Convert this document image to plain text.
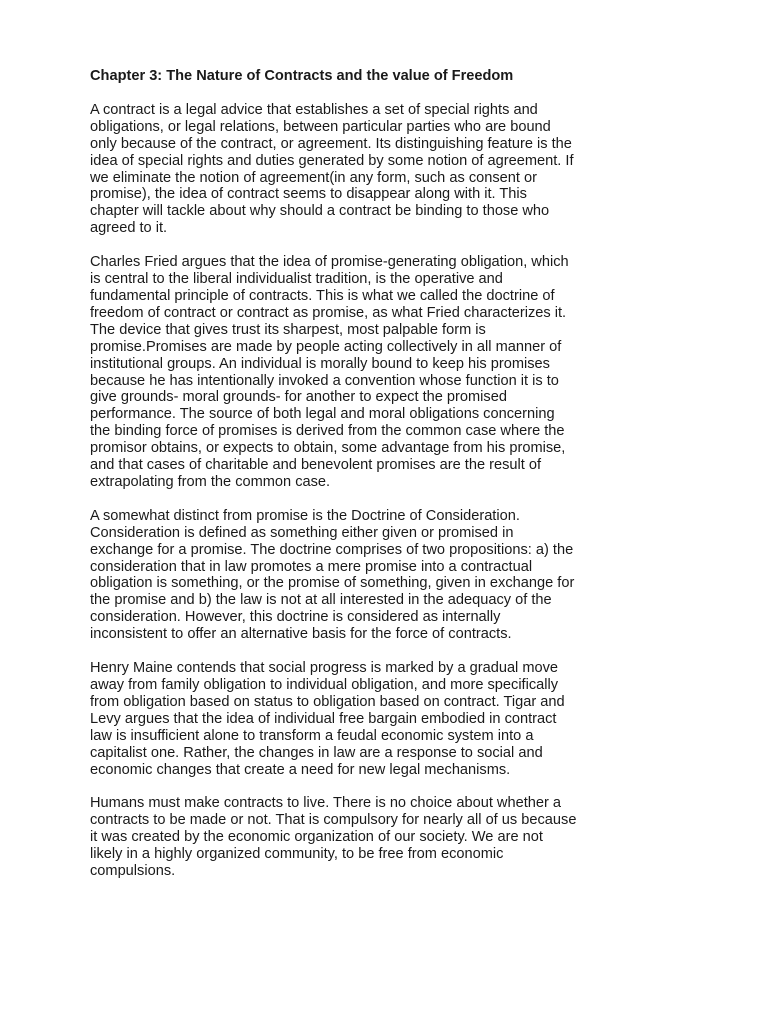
Chapter 3: The Nature of Contracts and the value of Freedom
A contract is a legal advice that establishes a set of special rights and
obligations, or legal relations, between particular parties who are bound
only because of the contract, or agreement. Its distinguishing feature is the
idea of special rights and duties generated by some notion of agreement. If
we eliminate the notion of agreement(in any form, such as consent or
promise), the idea of contract seems to disappear along with it. This
chapter will tackle about why should a contract be binding to those who
agreed to it.
Charles Fried argues that the idea of promise-generating obligation, which
is central to the liberal individualist tradition, is the operative and
fundamental principle of contracts. This is what we called the doctrine of
freedom of contract or contract as promise, as what Fried characterizes it.
The device that gives trust its sharpest, most palpable form is
promise.Promises are made by people acting collectively in all manner of
institutional groups. An individual is morally bound to keep his promises
because he has intentionally invoked a convention whose function it is to
give grounds- moral grounds- for another to expect the promised
performance. The source of both legal and moral obligations concerning
the binding force of promises is derived from the common case where the
promisor obtains, or expects to obtain, some advantage from his promise,
and that cases of charitable and benevolent promises are the result of
extrapolating from the common case.
A somewhat distinct from promise is the Doctrine of Consideration.
Consideration is defined as something either given or promised in
exchange for a promise. The doctrine comprises of two propositions: a) the
consideration that in law promotes a mere promise into a contractual
obligation is something, or the promise of something, given in exchange for
the promise and b) the law is not at all interested in the adequacy of the
consideration. However, this doctrine is considered as internally
inconsistent to offer an alternative basis for the force of contracts.
Henry Maine contends that social progress is marked by a gradual move
away from family obligation to individual obligation, and more specifically
from obligation based on status to obligation based on contract. Tigar and
Levy argues that the idea of individual free bargain embodied in contract
law is insufficient alone to transform a feudal economic system into a
capitalist one. Rather, the changes in law are a response to social and
economic changes that create a need for new legal mechanisms.
Humans must make contracts to live. There is no choice about whether a
contracts to be made or not. That is compulsory for nearly all of us because
it was created by the economic organization of our society. We are not
likely in a highly organized community, to be free from economic
compulsions.
